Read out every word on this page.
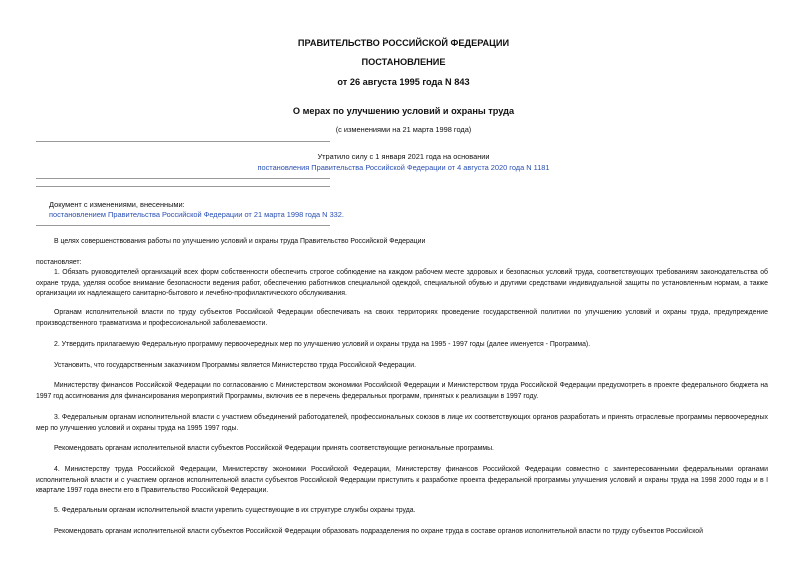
ПРАВИТЕЛЬСТВО РОССИЙСКОЙ ФЕДЕРАЦИИ
ПОСТАНОВЛЕНИЕ
от 26 августа 1995 года N 843
О мерах по улучшению условий и охраны труда
(с изменениями на 21 марта 1998 года)
Утратило силу с 1 января 2021 года на основании
постановления Правительства Российской Федерации от 4 августа 2020 года N 1181
Документ с изменениями, внесенными:
постановлением Правительства Российской Федерации от 21 марта 1998 года N 332.
В целях совершенствования работы по улучшению условий и охраны труда Правительство Российской Федерации
постановляет:
1. Обязать руководителей организаций всех форм собственности обеспечить строгое соблюдение на каждом рабочем месте здоровых и безопасных условий труда, соответствующих требованиям законодательства об охране труда, уделяя особое внимание безопасности ведения работ, обеспечению работников специальной одеждой, специальной обувью и другими средствами индивидуальной защиты по установленным нормам, а также организации их надлежащего санитарно-бытового и лечебно-профилактического обслуживания.
Органам исполнительной власти по труду субъектов Российской Федерации обеспечивать на своих территориях проведение государственной политики по улучшению условий и охраны труда, предупреждение производственного травматизма и профессиональной заболеваемости.
2. Утвердить прилагаемую Федеральную программу первоочередных мер по улучшению условий и охраны труда на 1995 - 1997 годы (далее именуется - Программа).
Установить, что государственным заказчиком Программы является Министерство труда Российской Федерации.
Министерству финансов Российской Федерации по согласованию с Министерством экономики Российской Федерации и Министерством труда Российской Федерации предусмотреть в проекте федерального бюджета на 1997 год ассигнования для финансирования мероприятий Программы, включив ее в перечень федеральных программ, принятых к реализации в 1997 году.
3. Федеральным органам исполнительной власти с участием объединений работодателей, профессиональных союзов в лице их соответствующих органов разработать и принять отраслевые программы первоочередных мер по улучшению условий и охраны труда на 1995 1997 годы.
Рекомендовать органам исполнительной власти субъектов Российской Федерации принять соответствующие региональные программы.
4. Министерству труда Российской Федерации, Министерству экономики Российской Федерации, Министерству финансов Российской Федерации совместно с заинтересованными федеральными органами исполнительной власти и с участием органов исполнительной власти субъектов Российской Федерации приступить к разработке проекта федеральной программы улучшения условий и охраны труда на 1998 2000 годы и в I квартале 1997 года внести его в Правительство Российской Федерации.
5. Федеральным органам исполнительной власти укрепить существующие в их структуре службы охраны труда.
Рекомендовать органам исполнительной власти субъектов Российской Федерации образовать подразделения по охране труда в составе органов исполнительной власти по труду субъектов Российской
